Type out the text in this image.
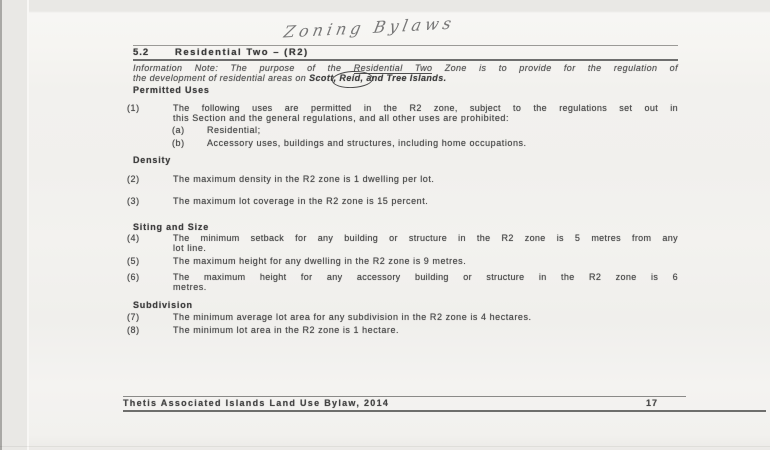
Zoning Bylaws
5.2	Residential Two – (R2)
Information Note: The purpose of the Residential Two Zone is to provide for the regulation of
the development of residential areas on Scott, Reid, and Tree Islands.
Permitted Uses
(1)	The following uses are permitted in the R2 zone, subject to the regulations set out in
this Section and the general regulations, and all other uses are prohibited:
(a) Residential;
(b) Accessory uses, buildings and structures, including home occupations.
Density
(2)	The maximum density in the R2 zone is 1 dwelling per lot.
(3)	The maximum lot coverage in the R2 zone is 15 percent.
Siting and Size
(4)	The minimum setback for any building or structure in the R2 zone is 5 metres from any
lot line.
(5)	The maximum height for any dwelling in the R2 zone is 9 metres.
(6)	The maximum height for any accessory building or structure in the R2 zone is 6
metres.
Subdivision
(7)	The minimum average lot area for any subdivision in the R2 zone is 4 hectares.
(8)	The minimum lot area in the R2 zone is 1 hectare.
Thetis Associated Islands Land Use Bylaw, 2014	17
